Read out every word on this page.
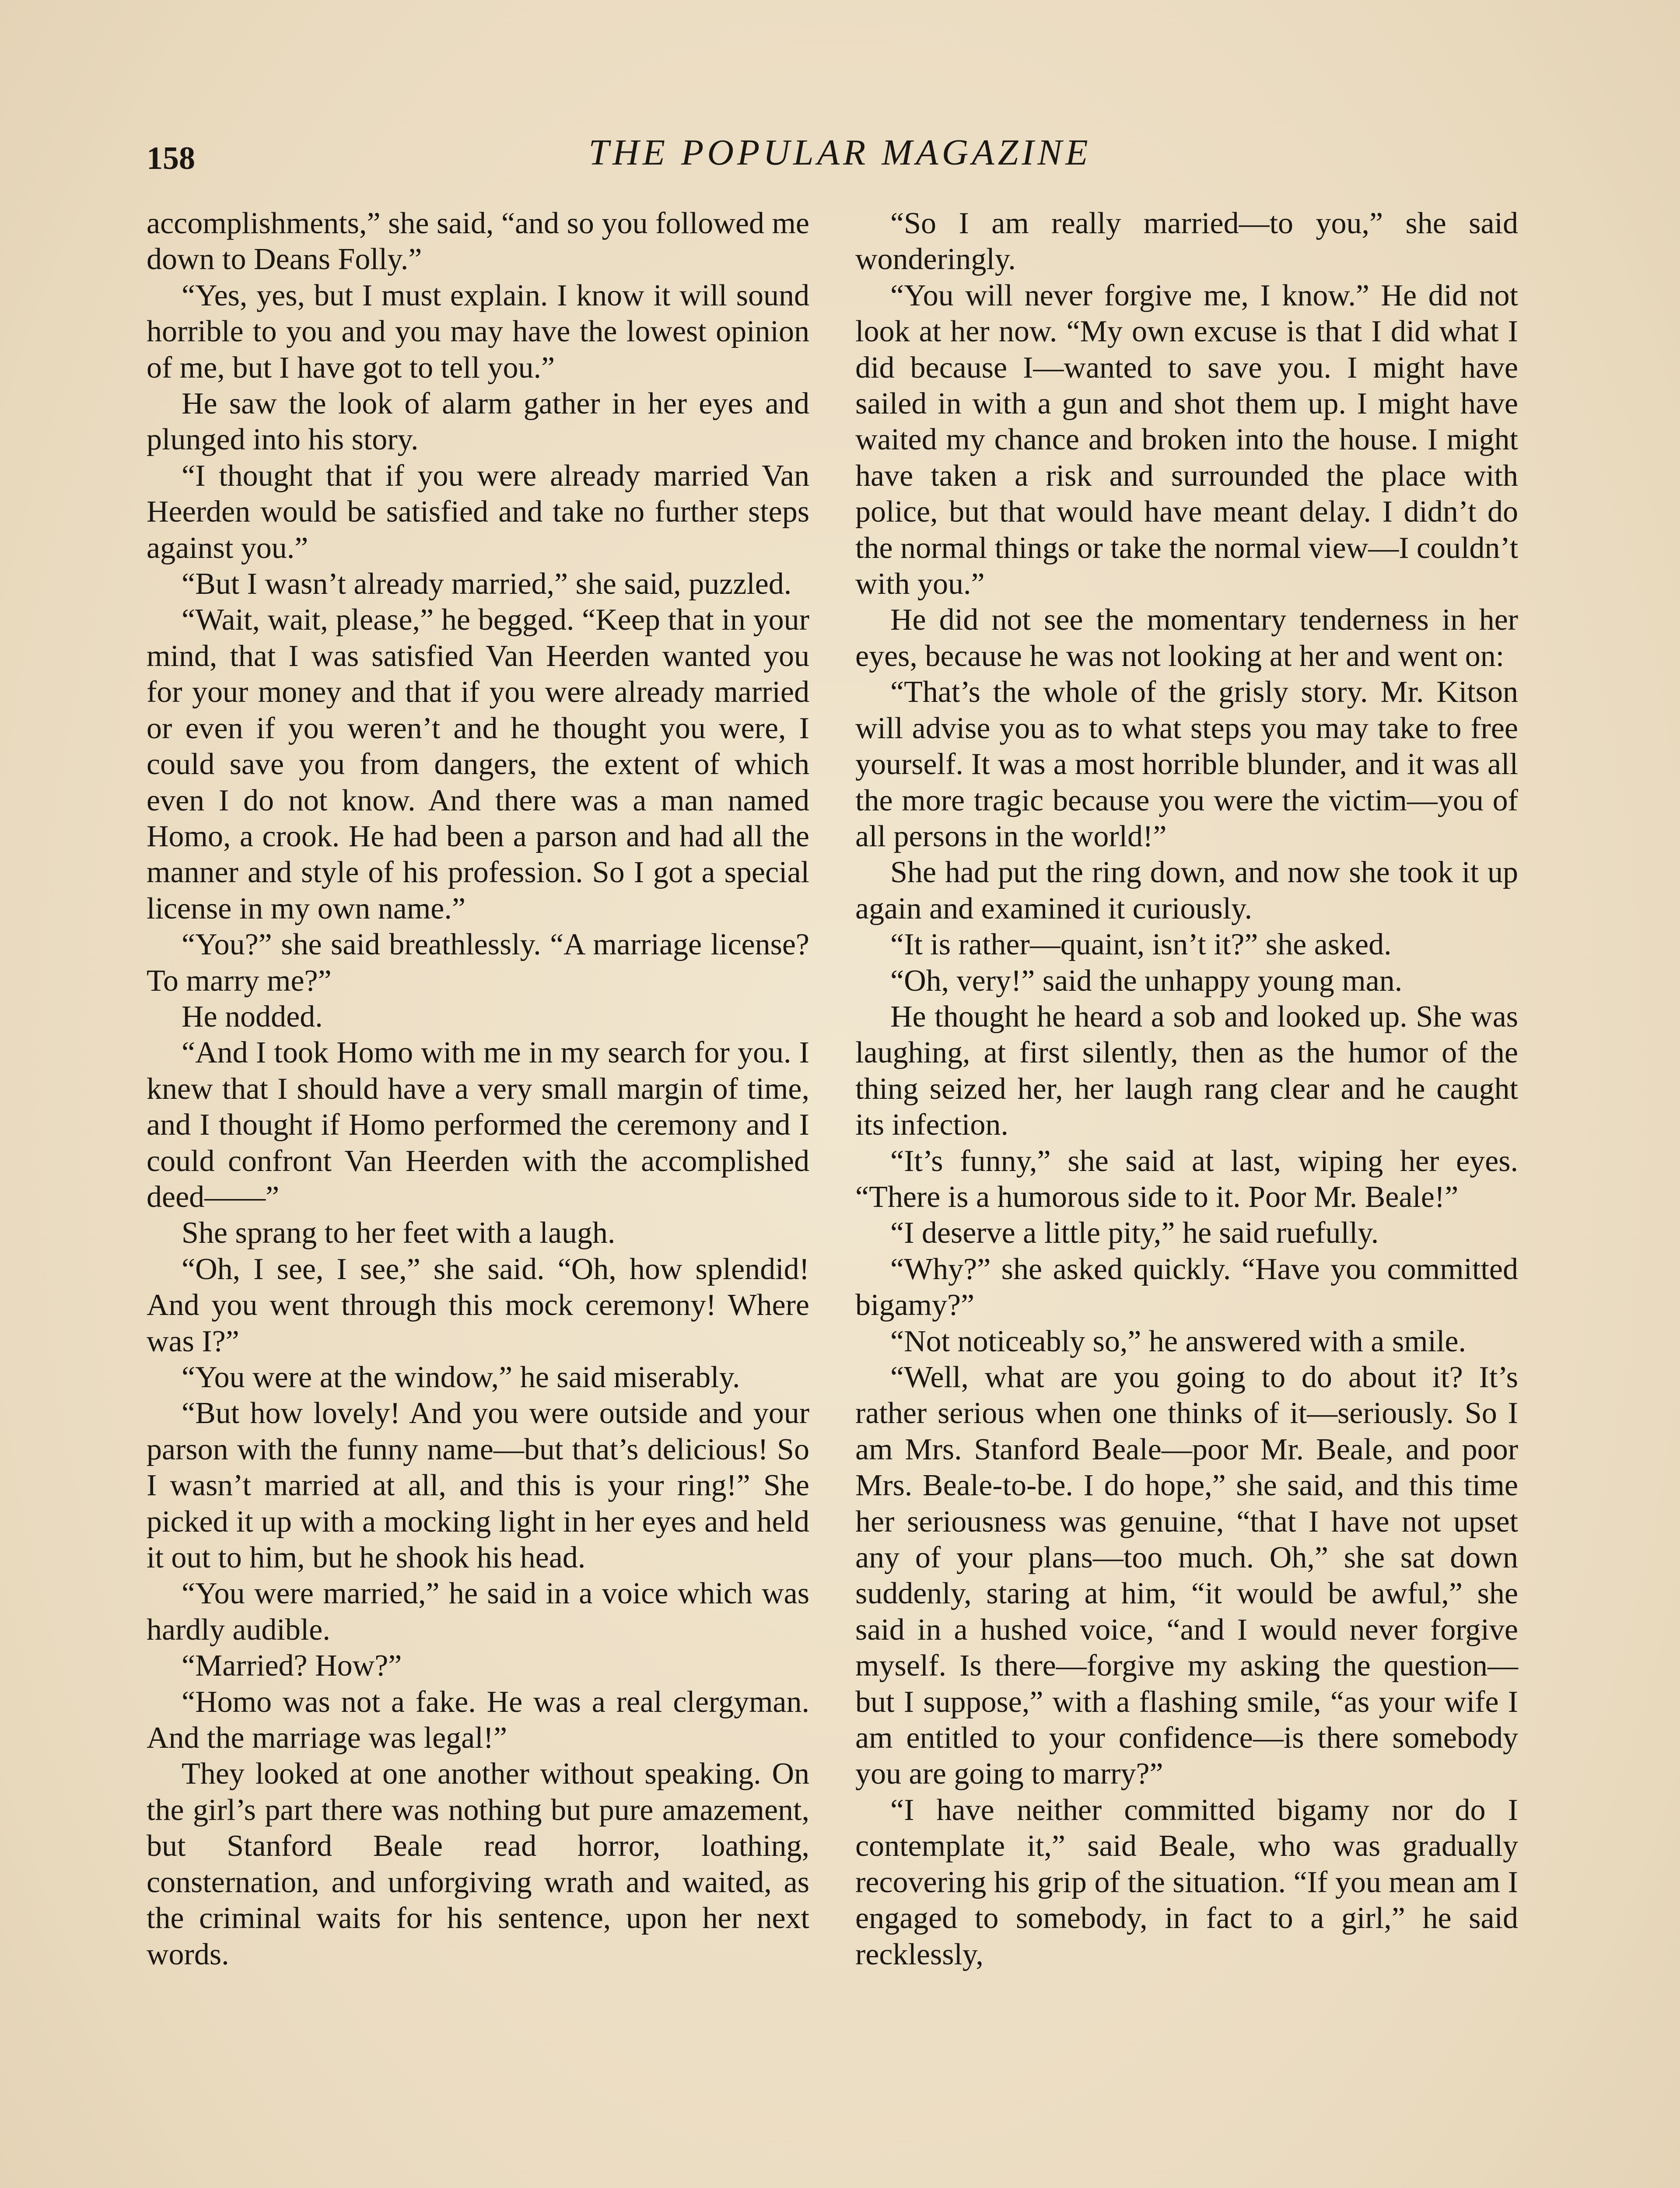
158	THE POPULAR MAGAZINE

accomplishments,” she said, “and so you followed me down to Deans Folly.”

“Yes, yes, but I must explain. I know it will sound horrible to you and you may have the lowest opinion of me, but I have got to tell you.”

He saw the look of alarm gather in her eyes and plunged into his story.

“I thought that if you were already married Van Heerden would be satisfied and take no further steps against you.”

“But I wasn’t already married,” she said, puzzled.

“Wait, wait, please,” he begged. “Keep that in your mind, that I was satisfied Van Heerden wanted you for your money and that if you were already married or even if you weren’t and he thought you were, I could save you from dangers, the extent of which even I do not know. And there was a man named Homo, a crook. He had been a parson and had all the manner and style of his profession. So I got a special license in my own name.”

“You?” she said breathlessly. “A marriage license? To marry me?”

He nodded.

“And I took Homo with me in my search for you. I knew that I should have a very small margin of time, and I thought if Homo performed the ceremony and I could confront Van Heerden with the accomplished deed——”

She sprang to her feet with a laugh.

“Oh, I see, I see,” she said. “Oh, how splendid! And you went through this mock ceremony! Where was I?”

“You were at the window,” he said miserably.

“But how lovely! And you were outside and your parson with the funny name—but that’s delicious! So I wasn’t married at all, and this is your ring!” She picked it up with a mocking light in her eyes and held it out to him, but he shook his head.

“You were married,” he said in a voice which was hardly audible.

“Married? How?”

“Homo was not a fake. He was a real clergyman. And the marriage was legal!”

They looked at one another without speaking. On the girl’s part there was nothing but pure amazement, but Stanford Beale read horror, loathing, consternation, and unforgiving wrath and waited, as the criminal waits for his sentence, upon her next words.

“So I am really married—to you,” she said wonderingly.

“You will never forgive me, I know.” He did not look at her now. “My own excuse is that I did what I did because I—wanted to save you. I might have sailed in with a gun and shot them up. I might have waited my chance and broken into the house. I might have taken a risk and surrounded the place with police, but that would have meant delay. I didn’t do the normal things or take the normal view—I couldn’t with you.”

He did not see the momentary tenderness in her eyes, because he was not looking at her and went on:

“That’s the whole of the grisly story. Mr. Kitson will advise you as to what steps you may take to free yourself. It was a most horrible blunder, and it was all the more tragic because you were the victim—you of all persons in the world!”

She had put the ring down, and now she took it up again and examined it curiously.

“It is rather—quaint, isn’t it?” she asked.

“Oh, very!” said the unhappy young man.

He thought he heard a sob and looked up. She was laughing, at first silently, then as the humor of the thing seized her, her laugh rang clear and he caught its infection.

“It’s funny,” she said at last, wiping her eyes. “There is a humorous side to it. Poor Mr. Beale!”

“I deserve a little pity,” he said ruefully.

“Why?” she asked quickly. “Have you committed bigamy?”

“Not noticeably so,” he answered with a smile.

“Well, what are you going to do about it? It’s rather serious when one thinks of it—seriously. So I am Mrs. Stanford Beale—poor Mr. Beale, and poor Mrs. Beale-to-be. I do hope,” she said, and this time her seriousness was genuine, “that I have not upset any of your plans—too much. Oh,” she sat down suddenly, staring at him, “it would be awful,” she said in a hushed voice, “and I would never forgive myself. Is there—forgive my asking the question—but I suppose,” with a flashing smile, “as your wife I am entitled to your confidence—is there somebody you are going to marry?”

“I have neither committed bigamy nor do I contemplate it,” said Beale, who was gradually recovering his grip of the situation. “If you mean am I engaged to somebody, in fact to a girl,” he said recklessly,
